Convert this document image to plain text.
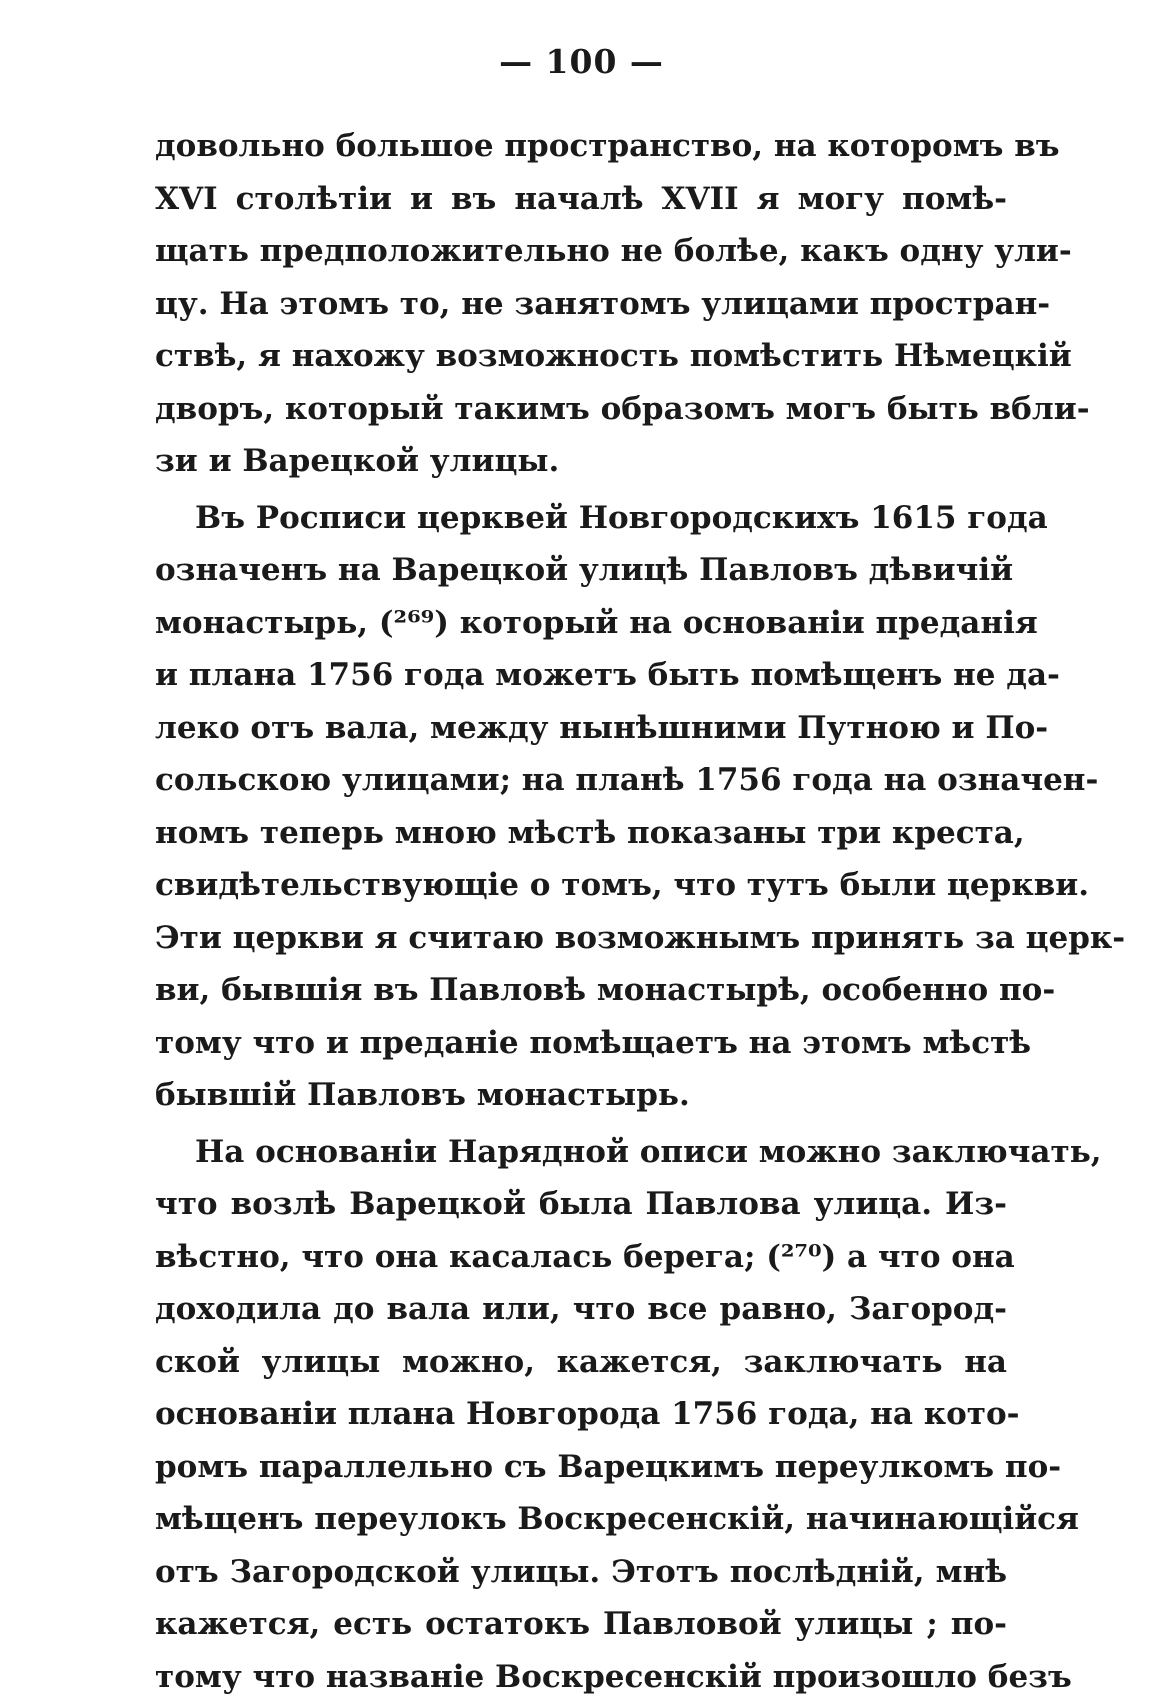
— 100 —
довольно большое пространство, на которомъ въ
XVI столѣтіи и въ началѣ XVII я могу помѣ-
щать предположительно не болѣе, какъ одну ули-
цу. На этомъ то, не занятомъ улицами простран-
ствѣ, я нахожу возможность помѣстить Нѣмецкій
дворъ, который такимъ образомъ могъ быть вбли-
зи и Варецкой улицы.
Въ Росписи церквей Новгородскихъ 1615 года
означенъ на Варецкой улицѣ Павловъ дѣвичій
монастырь, (²⁶⁹) который на основаніи преданія
и плана 1756 года можетъ быть помѣщенъ не да-
леко отъ вала, между нынѣшними Путною и По-
сольскою улицами; на планѣ 1756 года на означен-
номъ теперь мною мѣстѣ показаны три креста,
свидѣтельствующіе о томъ, что тутъ были церкви.
Эти церкви я считаю возможнымъ принять за церк-
ви, бывшія въ Павловѣ монастырѣ, особенно по-
тому что и преданіе помѣщаетъ на этомъ мѣстѣ
бывшій Павловъ монастырь.
На основаніи Нарядной описи можно заключать,
что возлѣ Варецкой была Павлова улица. Из-
вѣстно, что она касалась берега; (²⁷⁰) а что она
доходила до вала или, что все равно, Загород-
ской улицы можно, кажется, заключать на
основаніи плана Новгорода 1756 года, на кото-
ромъ параллельно съ Варецкимъ переулкомъ по-
мѣщенъ переулокъ Воскресенскій, начинающійся
отъ Загородской улицы. Этотъ послѣдній, мнѣ
кажется, есть остатокъ Павловой улицы ; по-
тому что названіе Воскресенскій произошло безъ
